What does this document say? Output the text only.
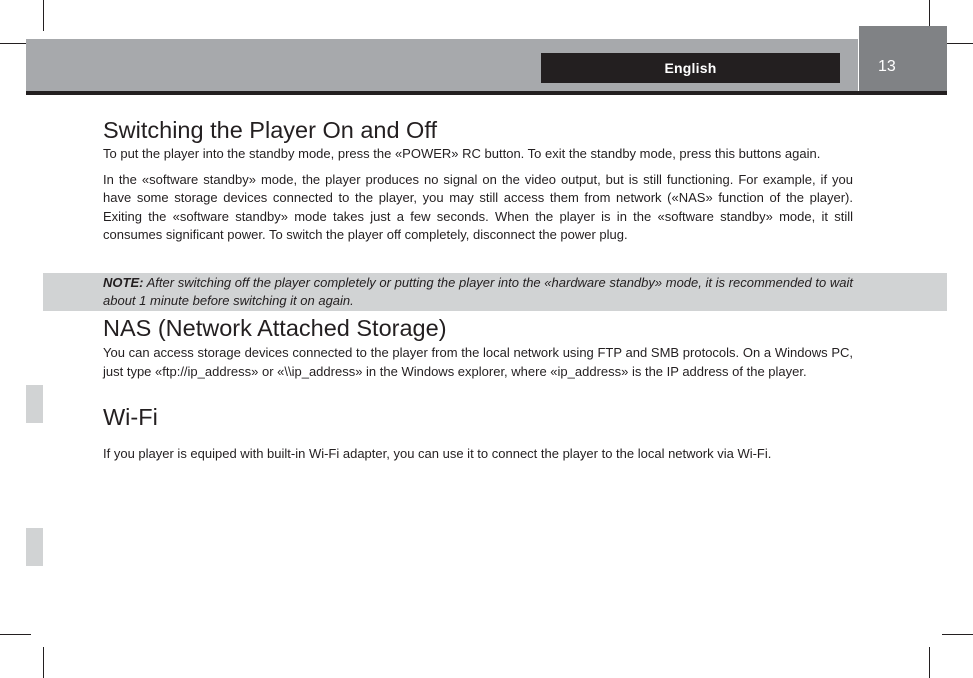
13
English
Switching the Player On and Off

To put the player into the standby mode, press the «POWER» RC button. To exit the standby mode, press this buttons again.

In the «software standby» mode, the player produces no signal on the video output, but is still functioning. For example, if you have some storage devices connected to the player, you may still access them from network («NAS» function of the player). Exiting the «software standby» mode takes just a few seconds. When the player is in the «software standby» mode, it still consumes significant power. To switch the player off completely, disconnect the power plug.

NOTE: After switching off the player completely or putting the player into the «hardware standby» mode, it is recommended to wait about 1 minute before switching it on again.
NAS (Network Attached Storage)

You can access storage devices connected to the player from the local network using FTP and SMB protocols. On a Windows PC, just type «ftp://ip_address» or «\\ip_address» in the Windows explorer, where «ip_address» is the IP address of the player.

Wi-Fi

If you player is equiped with built-in Wi-Fi adapter, you can use it to connect the player to the local network via Wi-Fi.
